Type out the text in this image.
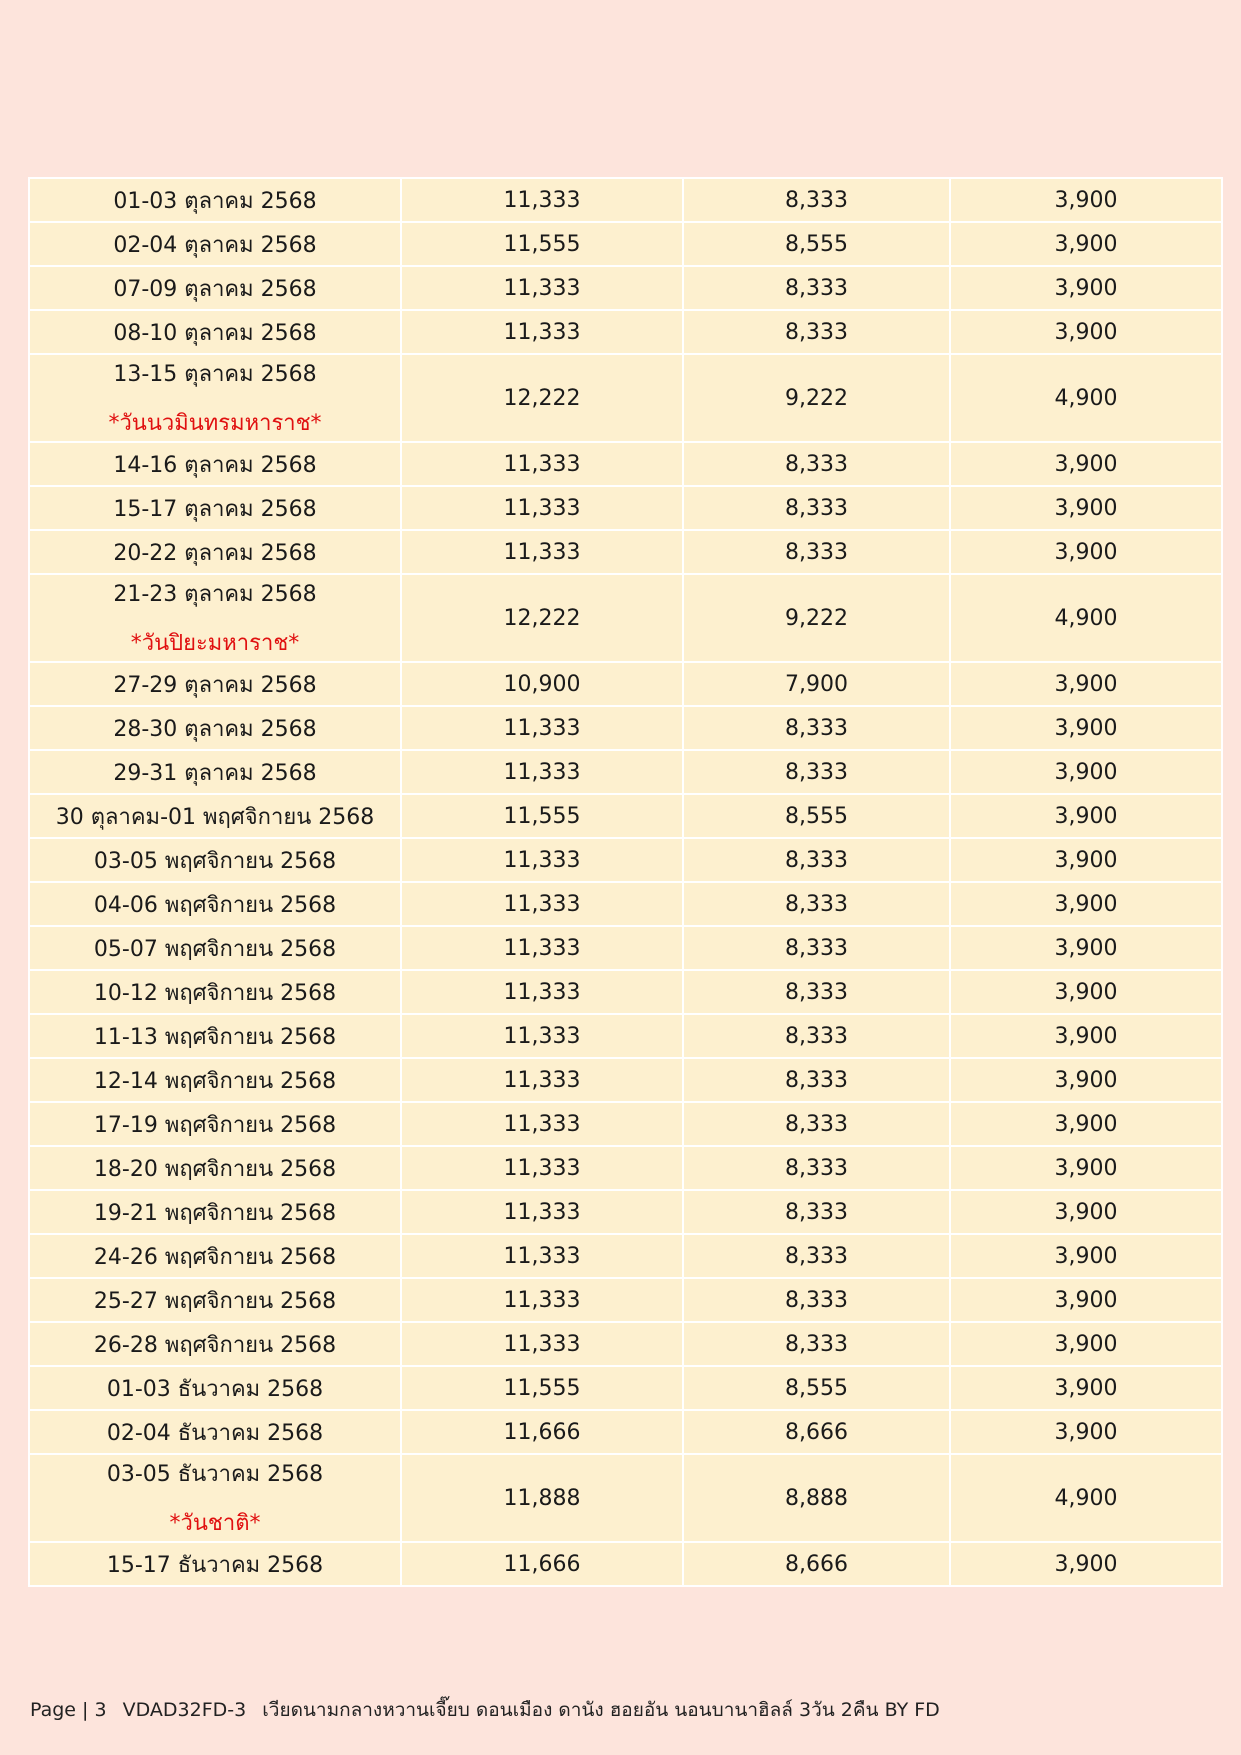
01-03 ตุลาคม 2568	11,333	8,333	3,900
02-04 ตุลาคม 2568	11,555	8,555	3,900
07-09 ตุลาคม 2568	11,333	8,333	3,900
08-10 ตุลาคม 2568	11,333	8,333	3,900
13-15 ตุลาคม 2568
*วันนวมินทรมหาราช*	12,222	9,222	4,900
14-16 ตุลาคม 2568	11,333	8,333	3,900
15-17 ตุลาคม 2568	11,333	8,333	3,900
20-22 ตุลาคม 2568	11,333	8,333	3,900
21-23 ตุลาคม 2568
*วันปิยะมหาราช*	12,222	9,222	4,900
27-29 ตุลาคม 2568	10,900	7,900	3,900
28-30 ตุลาคม 2568	11,333	8,333	3,900
29-31 ตุลาคม 2568	11,333	8,333	3,900
30 ตุลาคม-01 พฤศจิกายน 2568	11,555	8,555	3,900
03-05 พฤศจิกายน 2568	11,333	8,333	3,900
04-06 พฤศจิกายน 2568	11,333	8,333	3,900
05-07 พฤศจิกายน 2568	11,333	8,333	3,900
10-12 พฤศจิกายน 2568	11,333	8,333	3,900
11-13 พฤศจิกายน 2568	11,333	8,333	3,900
12-14 พฤศจิกายน 2568	11,333	8,333	3,900
17-19 พฤศจิกายน 2568	11,333	8,333	3,900
18-20 พฤศจิกายน 2568	11,333	8,333	3,900
19-21 พฤศจิกายน 2568	11,333	8,333	3,900
24-26 พฤศจิกายน 2568	11,333	8,333	3,900
25-27 พฤศจิกายน 2568	11,333	8,333	3,900
26-28 พฤศจิกายน 2568	11,333	8,333	3,900
01-03 ธันวาคม 2568	11,555	8,555	3,900
02-04 ธันวาคม 2568	11,666	8,666	3,900
03-05 ธันวาคม 2568
*วันชาติ*	11,888	8,888	4,900
15-17 ธันวาคม 2568	11,666	8,666	3,900
Page | 3 VDAD32FD-3 เวียดนามกลางหวานเจี๊ยบ ดอนเมือง ดานัง ฮอยอัน นอนบานาฮิลล์ 3วัน 2คืน BY FD
